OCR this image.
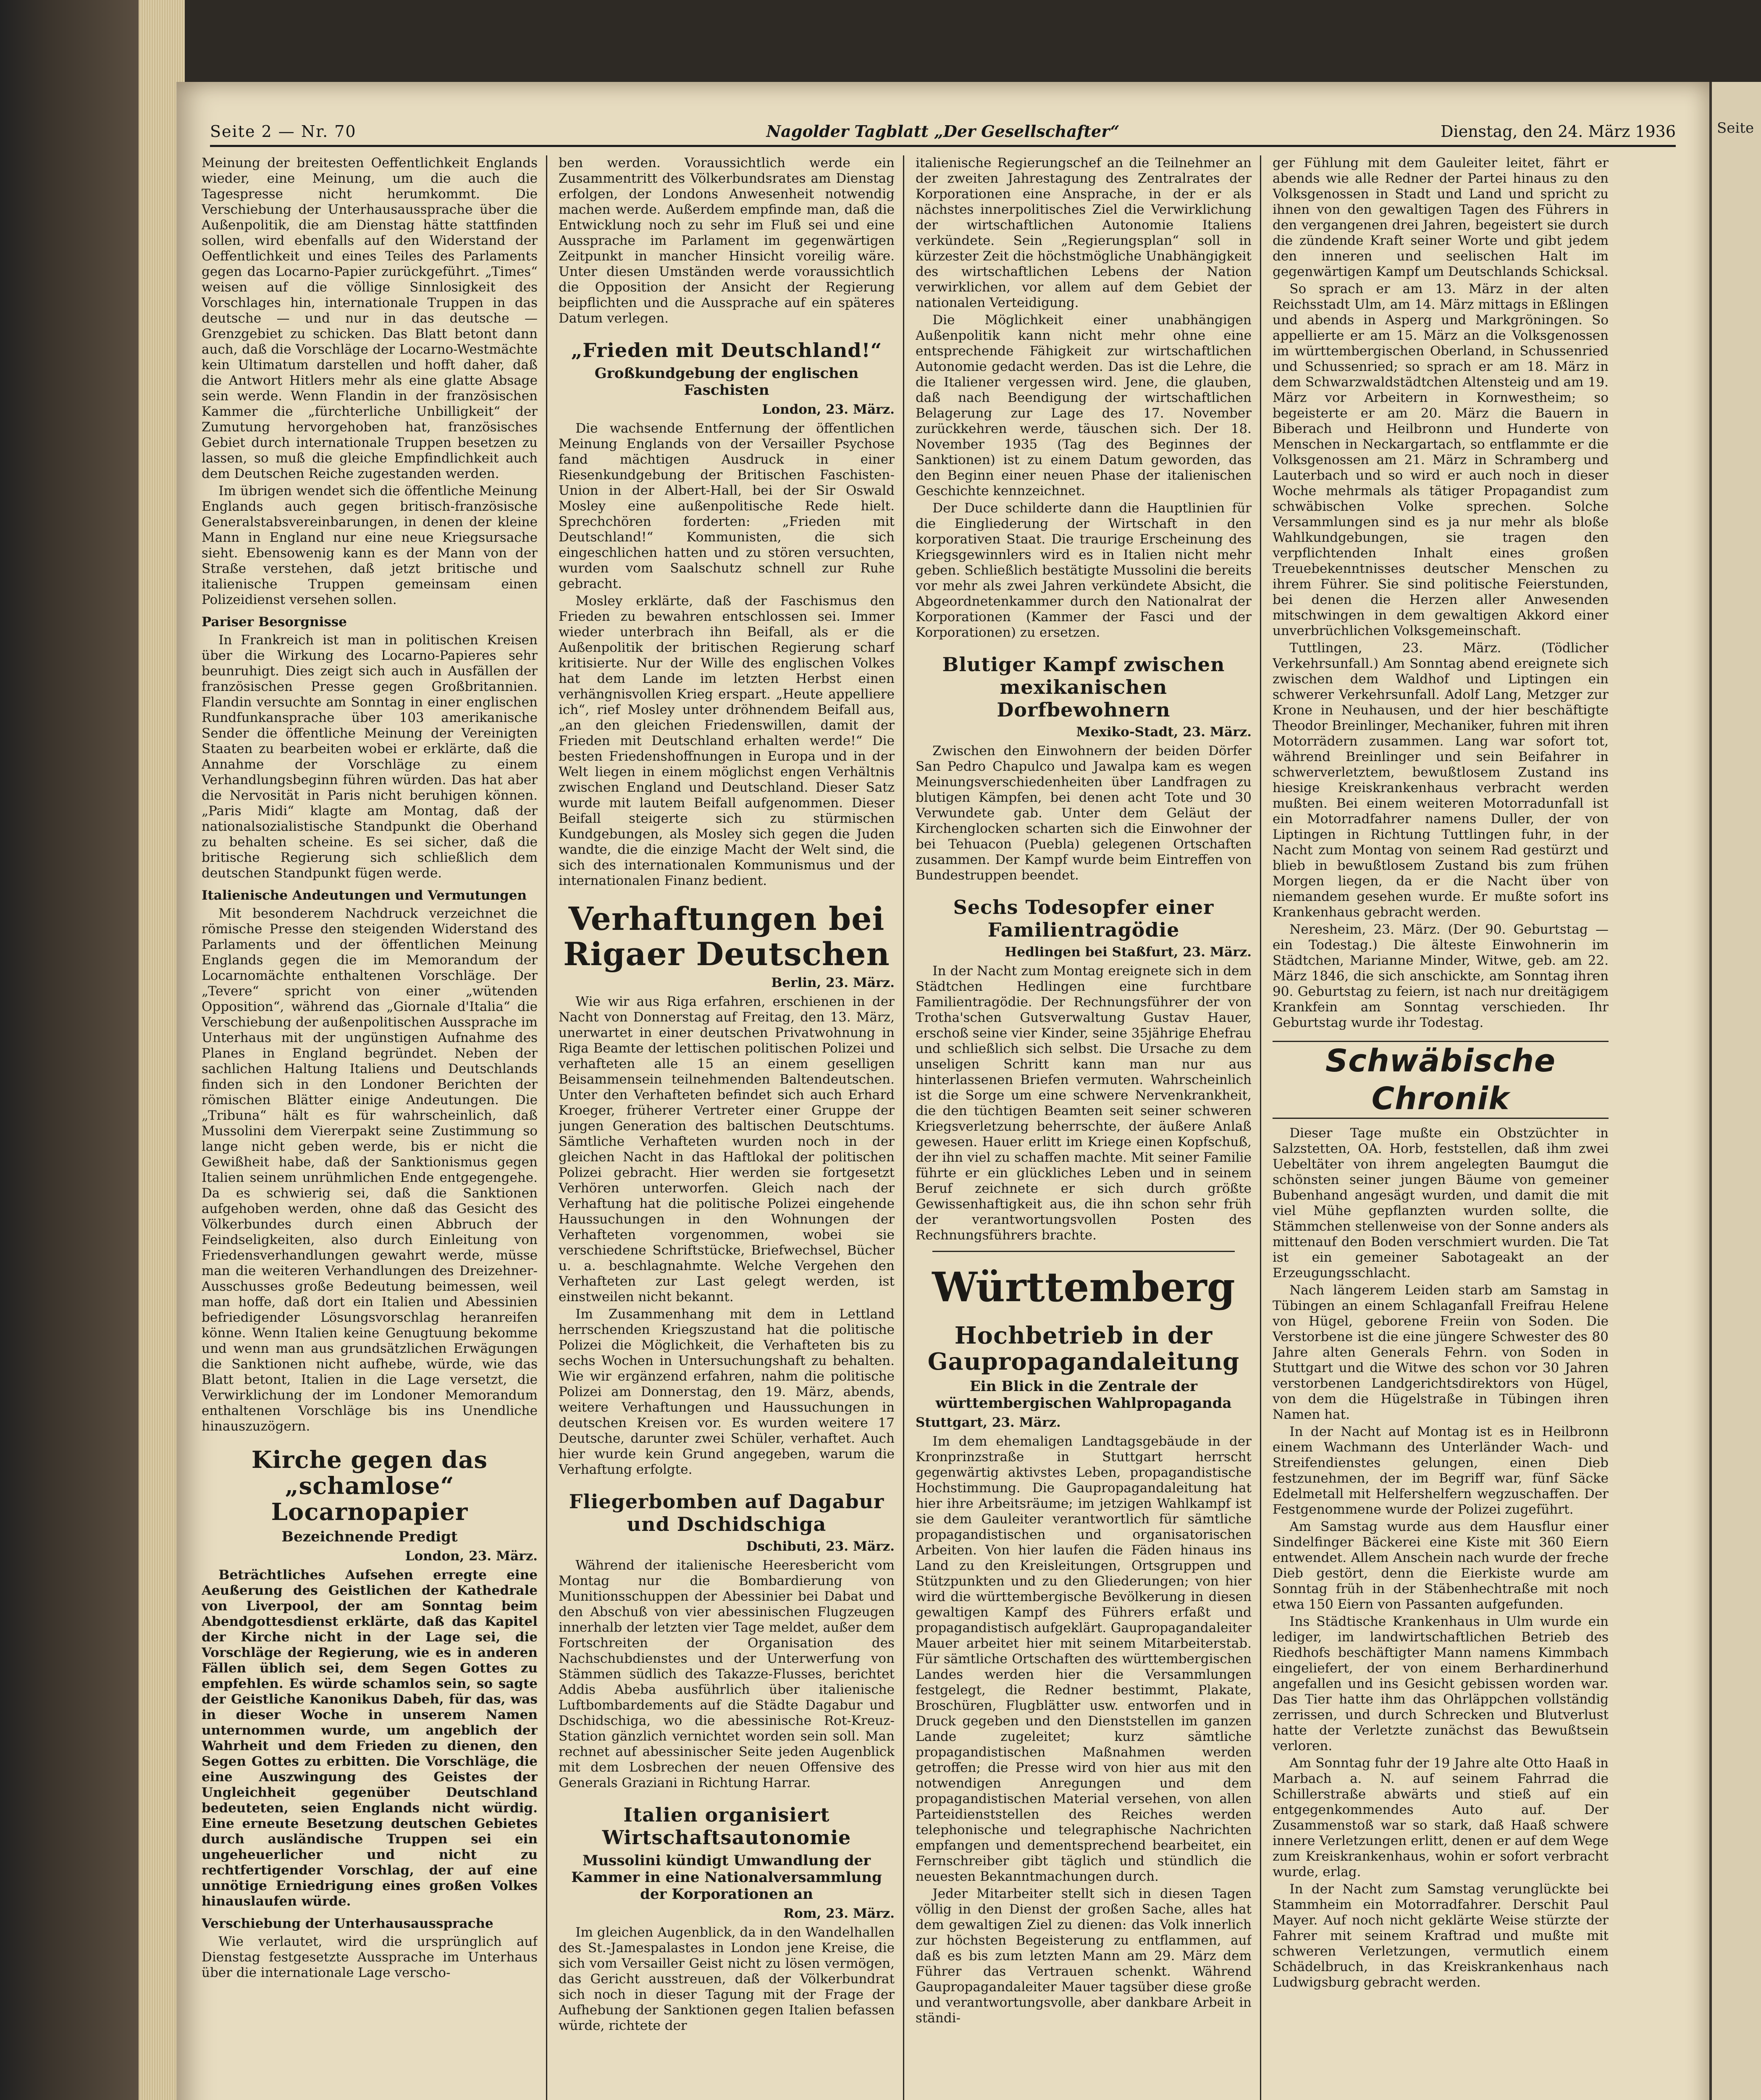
Seite 2 — Nr. 70	Nagolder Tagblatt „Der Gesellschafter“	Dienstag, den 24. März 1936

Meinung der breitesten Oeffentlichkeit Englands wieder, eine Meinung, um die auch die Tagespresse nicht herumkommt. Die Verschiebung der Unterhausaussprache über die Außenpolitik, die am Dienstag hätte stattfinden sollen, wird ebenfalls auf den Widerstand der Oeffentlichkeit und eines Teiles des Parlaments gegen das Locarno-Papier zurückgeführt. „Times“ weisen auf die völlige Sinnlosigkeit des Vorschlages hin, internationale Truppen in das deutsche — und nur in das deutsche — Grenzgebiet zu schicken. Das Blatt betont dann auch, daß die Vorschläge der Locarno-Westmächte kein Ultimatum darstellen und hofft daher, daß die Antwort Hitlers mehr als eine glatte Absage sein werde. Wenn Flandin in der französischen Kammer die „fürchterliche Unbilligkeit“ der Zumutung hervorgehoben hat, französisches Gebiet durch internationale Truppen besetzen zu lassen, so muß die gleiche Empfindlichkeit auch dem Deutschen Reiche zugestanden werden.

Im übrigen wendet sich die öffentliche Meinung Englands auch gegen britisch-französische Generalstabsvereinbarungen, in denen der kleine Mann in England nur eine neue Kriegsursache sieht. Ebensowenig kann es der Mann von der Straße verstehen, daß jetzt britische und italienische Truppen gemeinsam einen Polizeidienst versehen sollen.

Pariser Besorgnisse

In Frankreich ist man in politischen Kreisen über die Wirkung des Locarno-Papieres sehr beunruhigt. Dies zeigt sich auch in Ausfällen der französischen Presse gegen Großbritannien. Flandin versuchte am Sonntag in einer englischen Rundfunkansprache über 103 amerikanische Sender die öffentliche Meinung der Vereinigten Staaten zu bearbeiten wobei er erklärte, daß die Annahme der Vorschläge zu einem Verhandlungsbeginn führen würden. Das hat aber die Nervosität in Paris nicht beruhigen können. „Paris Midi“ klagte am Montag, daß der nationalsozialistische Standpunkt die Oberhand zu behalten scheine. Es sei sicher, daß die britische Regierung sich schließlich dem deutschen Standpunkt fügen werde.

Italienische Andeutungen und Vermutungen

Mit besonderem Nachdruck verzeichnet die römische Presse den steigenden Widerstand des Parlaments und der öffentlichen Meinung Englands gegen die im Memorandum der Locarnomächte enthaltenen Vorschläge. Der „Tevere“ spricht von einer „wütenden Opposition“, während das „Giornale d'Italia“ die Verschiebung der außenpolitischen Aussprache im Unterhaus mit der ungünstigen Aufnahme des Planes in England begründet. Neben der sachlichen Haltung Italiens und Deutschlands finden sich in den Londoner Berichten der römischen Blätter einige Andeutungen. Die „Tribuna“ hält es für wahrscheinlich, daß Mussolini dem Viererpakt seine Zustimmung so lange nicht geben werde, bis er nicht die Gewißheit habe, daß der Sanktionismus gegen Italien seinem unrühmlichen Ende entgegengehe. Da es schwierig sei, daß die Sanktionen aufgehoben werden, ohne daß das Gesicht des Völkerbundes durch einen Abbruch der Feindseligkeiten, also durch Einleitung von Friedensverhandlungen gewahrt werde, müsse man die weiteren Verhandlungen des Dreizehner-Ausschusses große Bedeutung beimessen, weil man hoffe, daß dort ein Italien und Abessinien befriedigender Lösungsvorschlag heranreifen könne. Wenn Italien keine Genugtuung bekomme und wenn man aus grundsätzlichen Erwägungen die Sanktionen nicht aufhebe, würde, wie das Blatt betont, Italien in die Lage versetzt, die Verwirklichung der im Londoner Memorandum enthaltenen Vorschläge bis ins Unendliche hinauszuzögern.

Kirche gegen das „schamlose“ Locarnopapier
Bezeichnende Predigt
London, 23. März.

Beträchtliches Aufsehen erregte eine Aeußerung des Geistlichen der Kathedrale von Liverpool, der am Sonntag beim Abendgottesdienst erklärte, daß das Kapitel der Kirche nicht in der Lage sei, die Vorschläge der Regierung, wie es in anderen Fällen üblich sei, dem Segen Gottes zu empfehlen. Es würde schamlos sein, so sagte der Geistliche Kanonikus Dabeh, für das, was in dieser Woche in unserem Namen unternommen wurde, um angeblich der Wahrheit und dem Frieden zu dienen, den Segen Gottes zu erbitten. Die Vorschläge, die eine Auszwingung des Geistes der Ungleichheit gegenüber Deutschland bedeuteten, seien Englands nicht würdig. Eine erneute Besetzung deutschen Gebietes durch ausländische Truppen sei ein ungeheuerlicher und nicht zu rechtfertigender Vorschlag, der auf eine unnötige Erniedrigung eines großen Volkes hinauslaufen würde.

Verschiebung der Unterhausaussprache

Wie verlautet, wird die ursprünglich auf Dienstag festgesetzte Aussprache im Unterhaus über die internationale Lage verscho-

ben werden. Voraussichtlich werde ein Zusammentritt des Völkerbundsrates am Dienstag erfolgen, der Londons Anwesenheit notwendig machen werde. Außerdem empfinde man, daß die Entwicklung noch zu sehr im Fluß sei und eine Aussprache im Parlament im gegenwärtigen Zeitpunkt in mancher Hinsicht voreilig wäre. Unter diesen Umständen werde voraussichtlich die Opposition der Ansicht der Regierung beipflichten und die Aussprache auf ein späteres Datum verlegen.

„Frieden mit Deutschland!“
Großkundgebung der englischen Faschisten
London, 23. März.

Die wachsende Entfernung der öffentlichen Meinung Englands von der Versailler Psychose fand mächtigen Ausdruck in einer Riesenkundgebung der Britischen Faschisten-Union in der Albert-Hall, bei der Sir Oswald Mosley eine außenpolitische Rede hielt. Sprechchören forderten: „Frieden mit Deutschland!“ Kommunisten, die sich eingeschlichen hatten und zu stören versuchten, wurden vom Saalschutz schnell zur Ruhe gebracht.

Mosley erklärte, daß der Faschismus den Frieden zu bewahren entschlossen sei. Immer wieder unterbrach ihn Beifall, als er die Außenpolitik der britischen Regierung scharf kritisierte. Nur der Wille des englischen Volkes hat dem Lande im letzten Herbst einen verhängnisvollen Krieg erspart. „Heute appelliere ich“, rief Mosley unter dröhnendem Beifall aus, „an den gleichen Friedenswillen, damit der Frieden mit Deutschland erhalten werde!“ Die besten Friedenshoffnungen in Europa und in der Welt liegen in einem möglichst engen Verhältnis zwischen England und Deutschland. Dieser Satz wurde mit lautem Beifall aufgenommen. Dieser Beifall steigerte sich zu stürmischen Kundgebungen, als Mosley sich gegen die Juden wandte, die die einzige Macht der Welt sind, die sich des internationalen Kommunismus und der internationalen Finanz bedient.

Verhaftungen bei Rigaer Deutschen
Berlin, 23. März.

Wie wir aus Riga erfahren, erschienen in der Nacht von Donnerstag auf Freitag, den 13. März, unerwartet in einer deutschen Privatwohnung in Riga Beamte der lettischen politischen Polizei und verhafteten alle 15 an einem geselligen Beisammensein teilnehmenden Baltendeutschen. Unter den Verhafteten befindet sich auch Erhard Kroeger, früherer Vertreter einer Gruppe der jungen Generation des baltischen Deutschtums. Sämtliche Verhafteten wurden noch in der gleichen Nacht in das Haftlokal der politischen Polizei gebracht. Hier werden sie fortgesetzt Verhören unterworfen. Gleich nach der Verhaftung hat die politische Polizei eingehende Haussuchungen in den Wohnungen der Verhafteten vorgenommen, wobei sie verschiedene Schriftstücke, Briefwechsel, Bücher u. a. beschlagnahmte. Welche Vergehen den Verhafteten zur Last gelegt werden, ist einstweilen nicht bekannt.

Im Zusammenhang mit dem in Lettland herrschenden Kriegszustand hat die politische Polizei die Möglichkeit, die Verhafteten bis zu sechs Wochen in Untersuchungshaft zu behalten. Wie wir ergänzend erfahren, nahm die politische Polizei am Donnerstag, den 19. März, abends, weitere Verhaftungen und Haussuchungen in deutschen Kreisen vor. Es wurden weitere 17 Deutsche, darunter zwei Schüler, verhaftet. Auch hier wurde kein Grund angegeben, warum die Verhaftung erfolgte.

Fliegerbomben auf Dagabur und Dschidschiga
Dschibuti, 23. März.

Während der italienische Heeresbericht vom Montag nur die Bombardierung von Munitionsschuppen der Abessinier bei Dabat und den Abschuß von vier abessinischen Flugzeugen innerhalb der letzten vier Tage meldet, außer dem Fortschreiten der Organisation des Nachschubdienstes und der Unterwerfung von Stämmen südlich des Takazze-Flusses, berichtet Addis Abeba ausführlich über italienische Luftbombardements auf die Städte Dagabur und Dschidschiga, wo die abessinische Rot-Kreuz-Station gänzlich vernichtet worden sein soll. Man rechnet auf abessinischer Seite jeden Augenblick mit dem Losbrechen der neuen Offensive des Generals Graziani in Richtung Harrar.

Italien organisiert Wirtschaftsautonomie
Mussolini kündigt Umwandlung der Kammer in eine Nationalversammlung der Korporationen an
Rom, 23. März.

Im gleichen Augenblick, da in den Wandelhallen des St.-Jamespalastes in London jene Kreise, die sich vom Versailler Geist nicht zu lösen vermögen, das Gericht ausstreuen, daß der Völkerbundrat sich noch in dieser Tagung mit der Frage der Aufhebung der Sanktionen gegen Italien befassen würde, richtete der

italienische Regierungschef an die Teilnehmer an der zweiten Jahrestagung des Zentralrates der Korporationen eine Ansprache, in der er als nächstes innerpolitisches Ziel die Verwirklichung der wirtschaftlichen Autonomie Italiens verkündete. Sein „Regierungsplan“ soll in kürzester Zeit die höchstmögliche Unabhängigkeit des wirtschaftlichen Lebens der Nation verwirklichen, vor allem auf dem Gebiet der nationalen Verteidigung.

Die Möglichkeit einer unabhängigen Außenpolitik kann nicht mehr ohne eine entsprechende Fähigkeit zur wirtschaftlichen Autonomie gedacht werden. Das ist die Lehre, die die Italiener vergessen wird. Jene, die glauben, daß nach Beendigung der wirtschaftlichen Belagerung zur Lage des 17. November zurückkehren werde, täuschen sich. Der 18. November 1935 (Tag des Beginnes der Sanktionen) ist zu einem Datum geworden, das den Beginn einer neuen Phase der italienischen Geschichte kennzeichnet.

Der Duce schilderte dann die Hauptlinien für die Eingliederung der Wirtschaft in den korporativen Staat. Die traurige Erscheinung des Kriegsgewinnlers wird es in Italien nicht mehr geben. Schließlich bestätigte Mussolini die bereits vor mehr als zwei Jahren verkündete Absicht, die Abgeordnetenkammer durch den Nationalrat der Korporationen (Kammer der Fasci und der Korporationen) zu ersetzen.

Blutiger Kampf zwischen mexikanischen Dorfbewohnern
Mexiko-Stadt, 23. März.

Zwischen den Einwohnern der beiden Dörfer San Pedro Chapulco und Jawalpa kam es wegen Meinungsverschiedenheiten über Landfragen zu blutigen Kämpfen, bei denen acht Tote und 30 Verwundete gab. Unter dem Geläut der Kirchenglocken scharten sich die Einwohner der bei Tehuacon (Puebla) gelegenen Ortschaften zusammen. Der Kampf wurde beim Eintreffen von Bundestruppen beendet.

Sechs Todesopfer einer Familientragödie
Hedlingen bei Staßfurt, 23. März.

In der Nacht zum Montag ereignete sich in dem Städtchen Hedlingen eine furchtbare Familientragödie. Der Rechnungsführer der von Trotha'schen Gutsverwaltung Gustav Hauer, erschoß seine vier Kinder, seine 35jährige Ehefrau und schließlich sich selbst. Die Ursache zu dem unseligen Schritt kann man nur aus hinterlassenen Briefen vermuten. Wahrscheinlich ist die Sorge um eine schwere Nervenkrankheit, die den tüchtigen Beamten seit seiner schweren Kriegsverletzung beherrschte, der äußere Anlaß gewesen. Hauer erlitt im Kriege einen Kopfschuß, der ihn viel zu schaffen machte. Mit seiner Familie führte er ein glückliches Leben und in seinem Beruf zeichnete er sich durch größte Gewissenhaftigkeit aus, die ihn schon sehr früh der verantwortungsvollen Posten des Rechnungsführers brachte.

Württemberg
Hochbetrieb in der Gaupropagandaleitung
Ein Blick in die Zentrale der württembergischen Wahlpropaganda
Stuttgart, 23. März.

Im dem ehemaligen Landtagsgebäude in der Kronprinzstraße in Stuttgart herrscht gegenwärtig aktivstes Leben, propagandistische Hochstimmung. Die Gaupropagandaleitung hat hier ihre Arbeitsräume; im jetzigen Wahlkampf ist sie dem Gauleiter verantwortlich für sämtliche propagandistischen und organisatorischen Arbeiten. Von hier laufen die Fäden hinaus ins Land zu den Kreisleitungen, Ortsgruppen und Stützpunkten und zu den Gliederungen; von hier wird die württembergische Bevölkerung in diesen gewaltigen Kampf des Führers erfaßt und propagandistisch aufgeklärt. Gaupropagandaleiter Mauer arbeitet hier mit seinem Mitarbeiterstab. Für sämtliche Ortschaften des württembergischen Landes werden hier die Versammlungen festgelegt, die Redner bestimmt, Plakate, Broschüren, Flugblätter usw. entworfen und in Druck gegeben und den Dienststellen im ganzen Lande zugeleitet; kurz sämtliche propagandistischen Maßnahmen werden getroffen; die Presse wird von hier aus mit den notwendigen Anregungen und dem propagandistischen Material versehen, von allen Parteidienststellen des Reiches werden telephonische und telegraphische Nachrichten empfangen und dementsprechend bearbeitet, ein Fernschreiber gibt täglich und stündlich die neuesten Bekanntmachungen durch.

Jeder Mitarbeiter stellt sich in diesen Tagen völlig in den Dienst der großen Sache, alles hat dem gewaltigen Ziel zu dienen: das Volk innerlich zur höchsten Begeisterung zu entflammen, auf daß es bis zum letzten Mann am 29. März dem Führer das Vertrauen schenkt. Während Gaupropagandaleiter Mauer tagsüber diese große und verantwortungsvolle, aber dankbare Arbeit in ständi-

ger Fühlung mit dem Gauleiter leitet, fährt er abends wie alle Redner der Partei hinaus zu den Volksgenossen in Stadt und Land und spricht zu ihnen von den gewaltigen Tagen des Führers in den vergangenen drei Jahren, begeistert sie durch die zündende Kraft seiner Worte und gibt jedem den inneren und seelischen Halt im gegenwärtigen Kampf um Deutschlands Schicksal.

So sprach er am 13. März in der alten Reichsstadt Ulm, am 14. März mittags in Eßlingen und abends in Asperg und Markgröningen. So appellierte er am 15. März an die Volksgenossen im württembergischen Oberland, in Schussenried und Schussenried; so sprach er am 18. März in dem Schwarzwaldstädtchen Altensteig und am 19. März vor Arbeitern in Kornwestheim; so begeisterte er am 20. März die Bauern in Biberach und Heilbronn und Hunderte von Menschen in Neckargartach, so entflammte er die Volksgenossen am 21. März in Schramberg und Lauterbach und so wird er auch noch in dieser Woche mehrmals als tätiger Propagandist zum schwäbischen Volke sprechen. Solche Versammlungen sind es ja nur mehr als bloße Wahlkundgebungen, sie tragen den verpflichtenden Inhalt eines großen Treuebekenntnisses deutscher Menschen zu ihrem Führer. Sie sind politische Feierstunden, bei denen die Herzen aller Anwesenden mitschwingen in dem gewaltigen Akkord einer unverbrüchlichen Volksgemeinschaft.

Tuttlingen, 23. März. (Tödlicher Verkehrsunfall.) Am Sonntag abend ereignete sich zwischen dem Waldhof und Liptingen ein schwerer Verkehrsunfall. Adolf Lang, Metzger zur Krone in Neuhausen, und der hier beschäftigte Theodor Breinlinger, Mechaniker, fuhren mit ihren Motorrädern zusammen. Lang war sofort tot, während Breinlinger und sein Beifahrer in schwerverletztem, bewußtlosem Zustand ins hiesige Kreiskrankenhaus verbracht werden mußten. Bei einem weiteren Motorradunfall ist ein Motorradfahrer namens Duller, der von Liptingen in Richtung Tuttlingen fuhr, in der Nacht zum Montag von seinem Rad gestürzt und blieb in bewußtlosem Zustand bis zum frühen Morgen liegen, da er die Nacht über von niemandem gesehen wurde. Er mußte sofort ins Krankenhaus gebracht werden.

Neresheim, 23. März. (Der 90. Geburtstag — ein Todestag.) Die älteste Einwohnerin im Städtchen, Marianne Minder, Witwe, geb. am 22. März 1846, die sich anschickte, am Sonntag ihren 90. Geburtstag zu feiern, ist nach nur dreitägigem Krankfein am Sonntag verschieden. Ihr Geburtstag wurde ihr Todestag.

Schwäbische Chronik

Dieser Tage mußte ein Obstzüchter in Salzstetten, OA. Horb, feststellen, daß ihm zwei Uebeltäter von ihrem angelegten Baumgut die schönsten seiner jungen Bäume von gemeiner Bubenhand angesägt wurden, und damit die mit viel Mühe gepflanzten wurden sollte, die Stämmchen stellenweise von der Sonne anders als mittenauf den Boden verschmiert wurden. Die Tat ist ein gemeiner Sabotageakt an der Erzeugungsschlacht.

Nach längerem Leiden starb am Samstag in Tübingen an einem Schlaganfall Freifrau Helene von Hügel, geborene Freiin von Soden. Die Verstorbene ist die eine jüngere Schwester des 80 Jahre alten Generals Fehrn. von Soden in Stuttgart und die Witwe des schon vor 30 Jahren verstorbenen Landgerichtsdirektors von Hügel, von dem die Hügelstraße in Tübingen ihren Namen hat.

In der Nacht auf Montag ist es in Heilbronn einem Wachmann des Unterländer Wach- und Streifendienstes gelungen, einen Dieb festzunehmen, der im Begriff war, fünf Säcke Edelmetall mit Helfershelfern wegzuschaffen. Der Festgenommene wurde der Polizei zugeführt.

Am Samstag wurde aus dem Hausflur einer Sindelfinger Bäckerei eine Kiste mit 360 Eiern entwendet. Allem Anschein nach wurde der freche Dieb gestört, denn die Eierkiste wurde am Sonntag früh in der Stäbenhechtraße mit noch etwa 150 Eiern von Passanten aufgefunden.

Ins Städtische Krankenhaus in Ulm wurde ein lediger, im landwirtschaftlichen Betrieb des Riedhofs beschäftigter Mann namens Kimmbach eingeliefert, der von einem Berhardinerhund angefallen und ins Gesicht gebissen worden war. Das Tier hatte ihm das Ohrläppchen vollständig zerrissen, und durch Schrecken und Blutverlust hatte der Verletzte zunächst das Bewußtsein verloren.

Am Sonntag fuhr der 19 Jahre alte Otto Haaß in Marbach a. N. auf seinem Fahrrad die Schillerstraße abwärts und stieß auf ein entgegenkommendes Auto auf. Der Zusammenstoß war so stark, daß Haaß schwere innere Verletzungen erlitt, denen er auf dem Wege zum Kreiskrankenhaus, wohin er sofort verbracht wurde, erlag.

In der Nacht zum Samstag verunglückte bei Stammheim ein Motorradfahrer. Derschit Paul Mayer. Auf noch nicht geklärte Weise stürzte der Fahrer mit seinem Kraftrad und mußte mit schweren Verletzungen, vermutlich einem Schädelbruch, in das Kreiskrankenhaus nach Ludwigsburg gebracht werden.

Seite
